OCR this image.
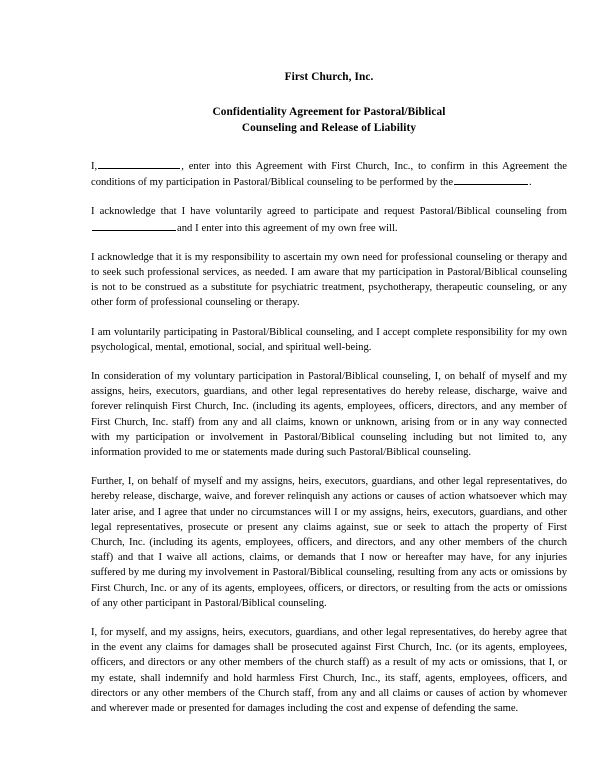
First Church, Inc.
Confidentiality Agreement for Pastoral/Biblical
Counseling and Release of Liability

I,	, enter into this Agreement with First Church, Inc., to confirm in this Agreement the conditions of my participation in Pastoral/Biblical counseling to be performed by the	.

I acknowledge that I have voluntarily agreed to participate and request Pastoral/Biblical counseling fromand I enter into this agreement of my own free will.

I acknowledge that it is my responsibility to ascertain my own need for professional counseling or therapy and to seek such professional services, as needed. I am aware that my participation in Pastoral/Biblical counseling is not to be construed as a substitute for psychiatric treatment, psychotherapy, therapeutic counseling, or any other form of professional counseling or therapy.

I am voluntarily participating in Pastoral/Biblical counseling, and I accept complete responsibility for my own psychological, mental, emotional, social, and spiritual well-being.

In consideration of my voluntary participation in Pastoral/Biblical counseling, I, on behalf of myself and my assigns, heirs, executors, guardians, and other legal representatives do hereby release, discharge, waive and forever relinquish First Church, Inc. (including its agents, employees, officers, directors, and any member of First Church, Inc. staff) from any and all claims, known or unknown, arising from or in any way connected with my participation or involvement in Pastoral/Biblical counseling including but not limited to, any information provided to me or statements made during such Pastoral/Biblical counseling.

Further, I, on behalf of myself and my assigns, heirs, executors, guardians, and other legal representatives, do hereby release, discharge, waive, and forever relinquish any actions or causes of action whatsoever which may later arise, and I agree that under no circumstances will I or my assigns, heirs, executors, guardians, and other legal representatives, prosecute or present any claims against, sue or seek to attach the property of First Church, Inc. (including its agents, employees, officers, and directors, and any other members of the church staff) and that I waive all actions, claims, or demands that I now or hereafter may have, for any injuries suffered by me during my involvement in Pastoral/Biblical counseling, resulting from any acts or omissions by First Church, Inc. or any of its agents, employees, officers, or directors, or resulting from the acts or omissions of any other participant in Pastoral/Biblical counseling.

I, for myself, and my assigns, heirs, executors, guardians, and other legal representatives, do hereby agree that in the event any claims for damages shall be prosecuted against First Church, Inc. (or its agents, employees, officers, and directors or any other members of the church staff) as a result of my acts or omissions, that I, or my estate, shall indemnify and hold harmless First Church, Inc., its staff, agents, employees, officers, and directors or any other members of the Church staff, from any and all claims or causes of action by whomever and wherever made or presented for damages including the cost and expense of defending the same.
